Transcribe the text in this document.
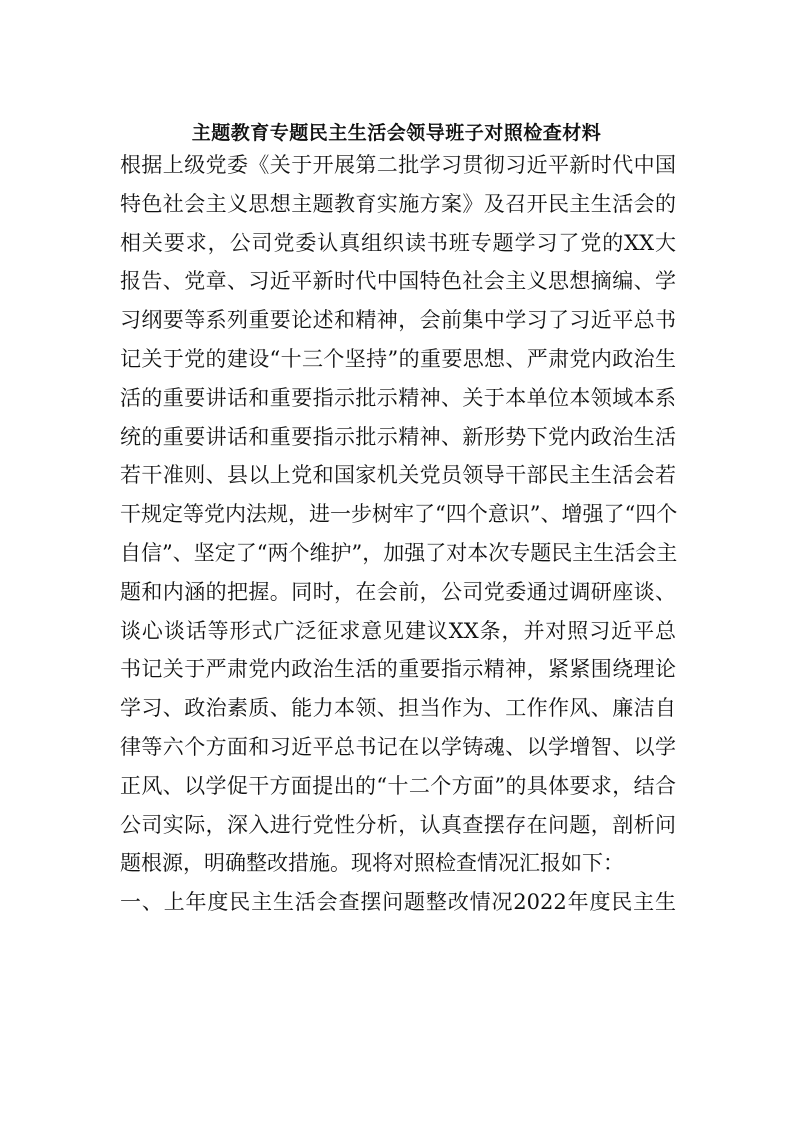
主题教育专题民主生活会领导班子对照检查材料
根据上级党委《关于开展第二批学习贯彻习近平新时代中国
特色社会主义思想主题教育实施方案》及召开民主生活会的
相关要求，公司党委认真组织读书班专题学习了党的XX大
报告、党章、习近平新时代中国特色社会主义思想摘编、学
习纲要等系列重要论述和精神，会前集中学习了习近平总书
记关于党的建设“十三个坚持”的重要思想、严肃党内政治生
活的重要讲话和重要指示批示精神、关于本单位本领域本系
统的重要讲话和重要指示批示精神、新形势下党内政治生活
若干准则、县以上党和国家机关党员领导干部民主生活会若
干规定等党内法规，进一步树牢了“四个意识”、增强了“四个
自信”、坚定了“两个维护”，加强了对本次专题民主生活会主
题和内涵的把握。同时，在会前，公司党委通过调研座谈、
谈心谈话等形式广泛征求意见建议XX条，并对照习近平总
书记关于严肃党内政治生活的重要指示精神，紧紧围绕理论
学习、政治素质、能力本领、担当作为、工作作风、廉洁自
律等六个方面和习近平总书记在以学铸魂、以学增智、以学
正风、以学促干方面提出的“十二个方面”的具体要求，结合
公司实际，深入进行党性分析，认真查摆存在问题，剖析问
题根源，明确整改措施。现将对照检查情况汇报如下：
一、上年度民主生活会查摆问题整改情况2022年度民主生
